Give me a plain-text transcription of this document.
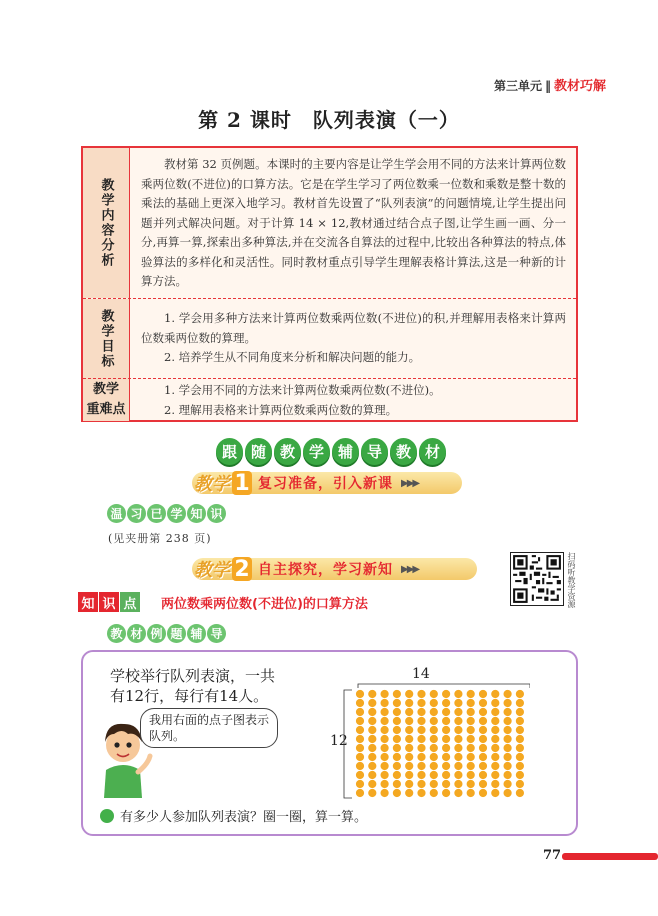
第三单元 ‖ 教材巧解
第 2 课时　队列表演（一）
教学内容分析

教材第 32 页例题。本课时的主要内容是让学生学会用不同的方法来计算两位数乘两位数(不进位)的口算方法。它是在学生学习了两位数乘一位数和乘数是整十数的乘法的基础上更深入地学习。教材首先设置了“队列表演”的问题情境,让学生提出问题并列式解决问题。对于计算 14 × 12,教材通过结合点子图,让学生画一画、分一分,再算一算,探索出多种算法,并在交流各自算法的过程中,比较出各种算法的特点,体验算法的多样化和灵活性。同时教材重点引导学生理解表格计算法,这是一种新的计算方法。

教学目标	1. 学会用多种方法来计算两位数乘两位数(不进位)的积,并理解用表格来计算两位数乘两位数的算理。

2. 培养学生从不同角度来分析和解决问题的能力。

教学
重难点

1. 学会用不同的方法来计算两位数乘两位数(不进位)。

2. 理解用表格来计算两位数乘两位数的算理。

跟 随 教 学 辅 导 教 材
教学 1 复习准备，引入新课 ▶▶▶
温 习 已 学 知 识
(见夹册第 238 页)
教学 2 自主探究，学习新知 ▶▶▶	扫码听教学资源
知 识 点 两位数乘两位数(不进位)的口算方法
教 材 例 题 辅 导

学校举行队列表演，一共

有12行，每行有14人。

我用右面的点子图表示队列。
14
12
有多少人参加队列表演？圈一圈，算一算。
77
